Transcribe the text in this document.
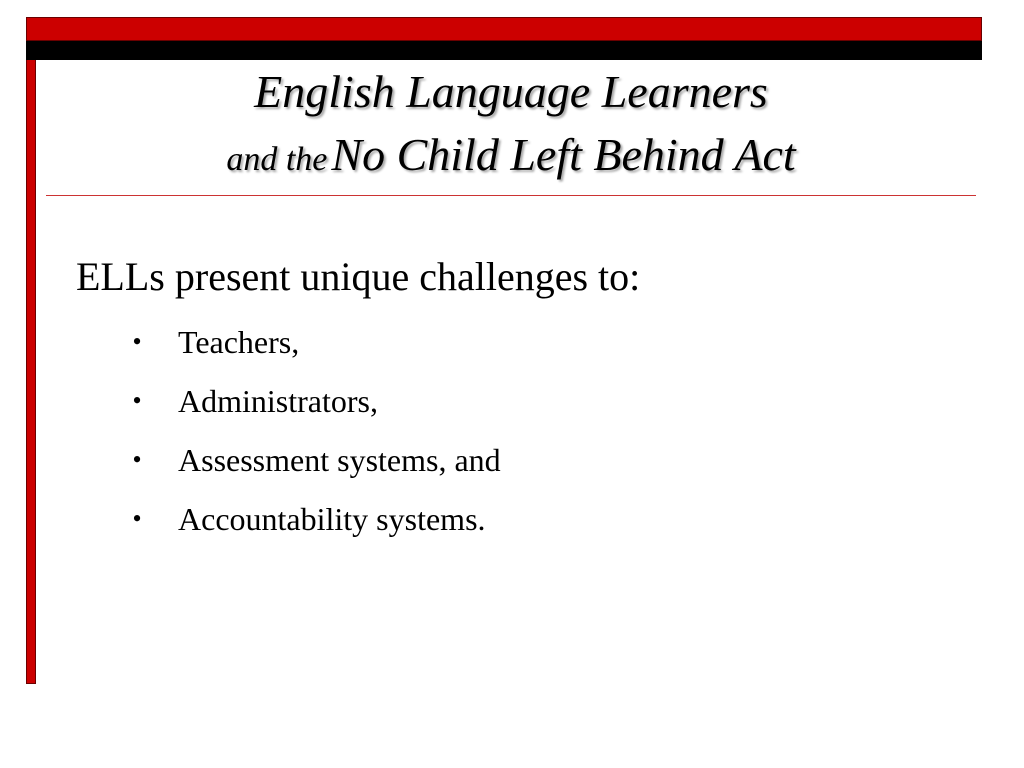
English Language Learners
and the No Child Left Behind Act
ELLs present unique challenges to:
• Teachers,
• Administrators,
• Assessment systems, and
• Accountability systems.
